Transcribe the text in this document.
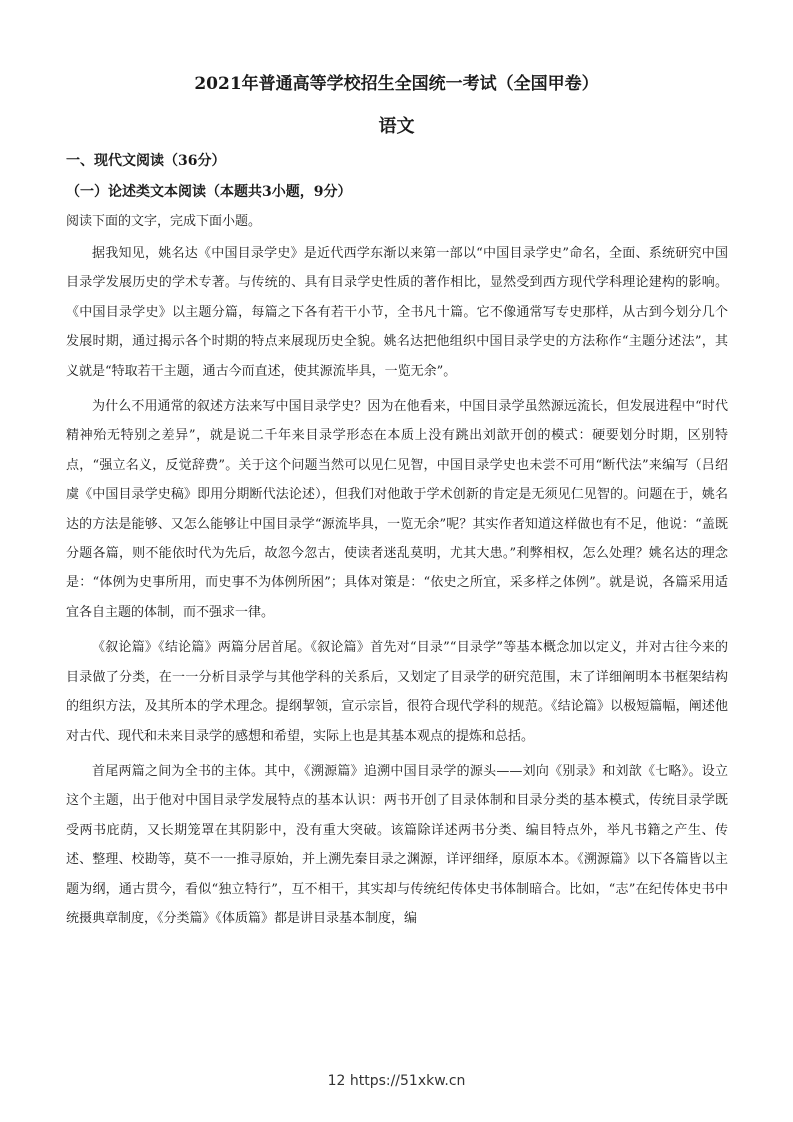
2021年普通高等学校招生全国统一考试（全国甲卷）
语文
一、现代文阅读（36分）
（一）论述类文本阅读（本题共3小题，9分）
阅读下面的文字，完成下面小题。

据我知见，姚名达《中国目录学史》是近代西学东渐以来第一部以“中国目录学史”命名，全面、系统研究中国目录学发展历史的学术专著。与传统的、具有目录学史性质的著作相比，显然受到西方现代学科理论建构的影响。《中国目录学史》以主题分篇，每篇之下各有若干小节，全书凡十篇。它不像通常写专史那样，从古到今划分几个发展时期，通过揭示各个时期的特点来展现历史全貌。姚名达把他组织中国目录学史的方法称作“主题分述法”，其义就是“特取若干主题，通古今而直述，使其源流毕具，一览无余”。

为什么不用通常的叙述方法来写中国目录学史？因为在他看来，中国目录学虽然源远流长，但发展进程中“时代精神殆无特别之差异”，就是说二千年来目录学形态在本质上没有跳出刘歆开创的模式：硬要划分时期，区别特点，“强立名义，反觉辞费”。关于这个问题当然可以见仁见智，中国目录学史也未尝不可用“断代法”来编写（吕绍虞《中国目录学史稿》即用分期断代法论述），但我们对他敢于学术创新的肯定是无须见仁见智的。问题在于，姚名达的方法是能够、又怎么能够让中国目录学“源流毕具，一览无余”呢？其实作者知道这样做也有不足，他说：“盖既分题各篇，则不能依时代为先后，故忽今忽古，使读者迷乱莫明，尤其大患。”利弊相权，怎么处理？姚名达的理念是：“体例为史事所用，而史事不为体例所困”；具体对策是：“依史之所宜，采多样之体例”。就是说，各篇采用适宜各自主题的体制，而不强求一律。

《叙论篇》《结论篇》两篇分居首尾。《叙论篇》首先对“目录”“目录学”等基本概念加以定义，并对古往今来的目录做了分类，在一一分析目录学与其他学科的关系后，又划定了目录学的研究范围，末了详细阐明本书框架结构的组织方法，及其所本的学术理念。提纲挈领，宣示宗旨，很符合现代学科的规范。《结论篇》以极短篇幅，阐述他对古代、现代和未来目录学的感想和希望，实际上也是其基本观点的提炼和总括。

首尾两篇之间为全书的主体。其中，《溯源篇》追溯中国目录学的源头——刘向《别录》和刘歆《七略》。设立这个主题，出于他对中国目录学发展特点的基本认识：两书开创了目录体制和目录分类的基本模式，传统目录学既受两书庇荫，又长期笼罩在其阴影中，没有重大突破。该篇除详述两书分类、编目特点外，举凡书籍之产生、传述、整理、校勘等，莫不一一推寻原始，并上溯先秦目录之渊源，详评细绎，原原本本。《溯源篇》以下各篇皆以主题为纲，通古贯今，看似“独立特行”，互不相干，其实却与传统纪传体史书体制暗合。比如，“志”在纪传体史书中统摄典章制度，《分类篇》《体质篇》都是讲目录基本制度，编

12 https://51xkw.cn
